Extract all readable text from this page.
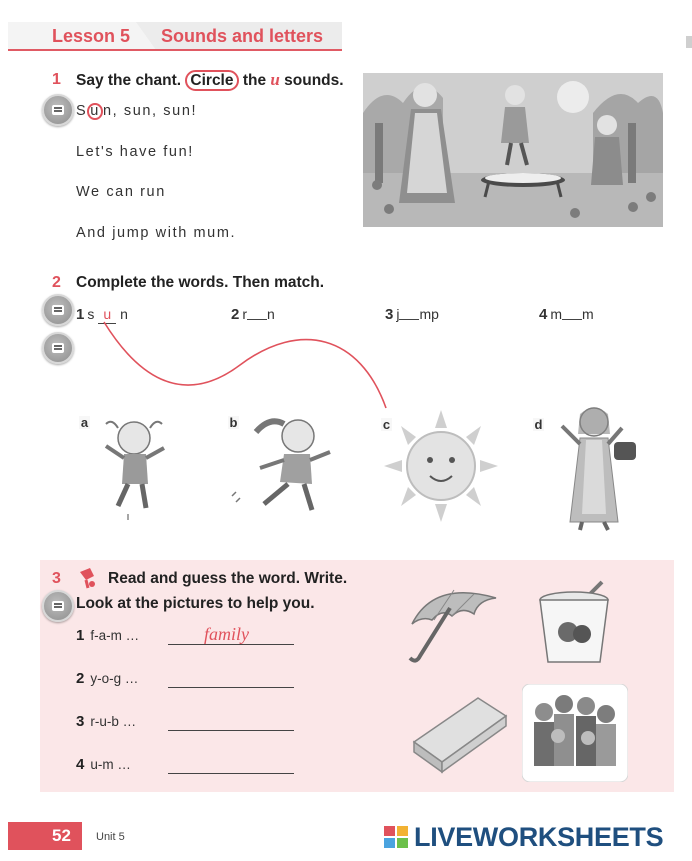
Lesson 5 Sounds and letters
1 Say the chant. Circle the u sounds.
S u n, sun, sun!
Let's have fun!
We can run
And jump with mum.
2 Complete the words. Then match.
1 s u n	2 r n	3 j mp	4 m m
a	b	c	d
3	Read and guess the word. Write.
Look at the pictures to help you.
1 f-a-m …	family
2 y-o-g …
3 r-u-b …
4 u-m …
52 Unit 5	LIVEWORKSHEETS
